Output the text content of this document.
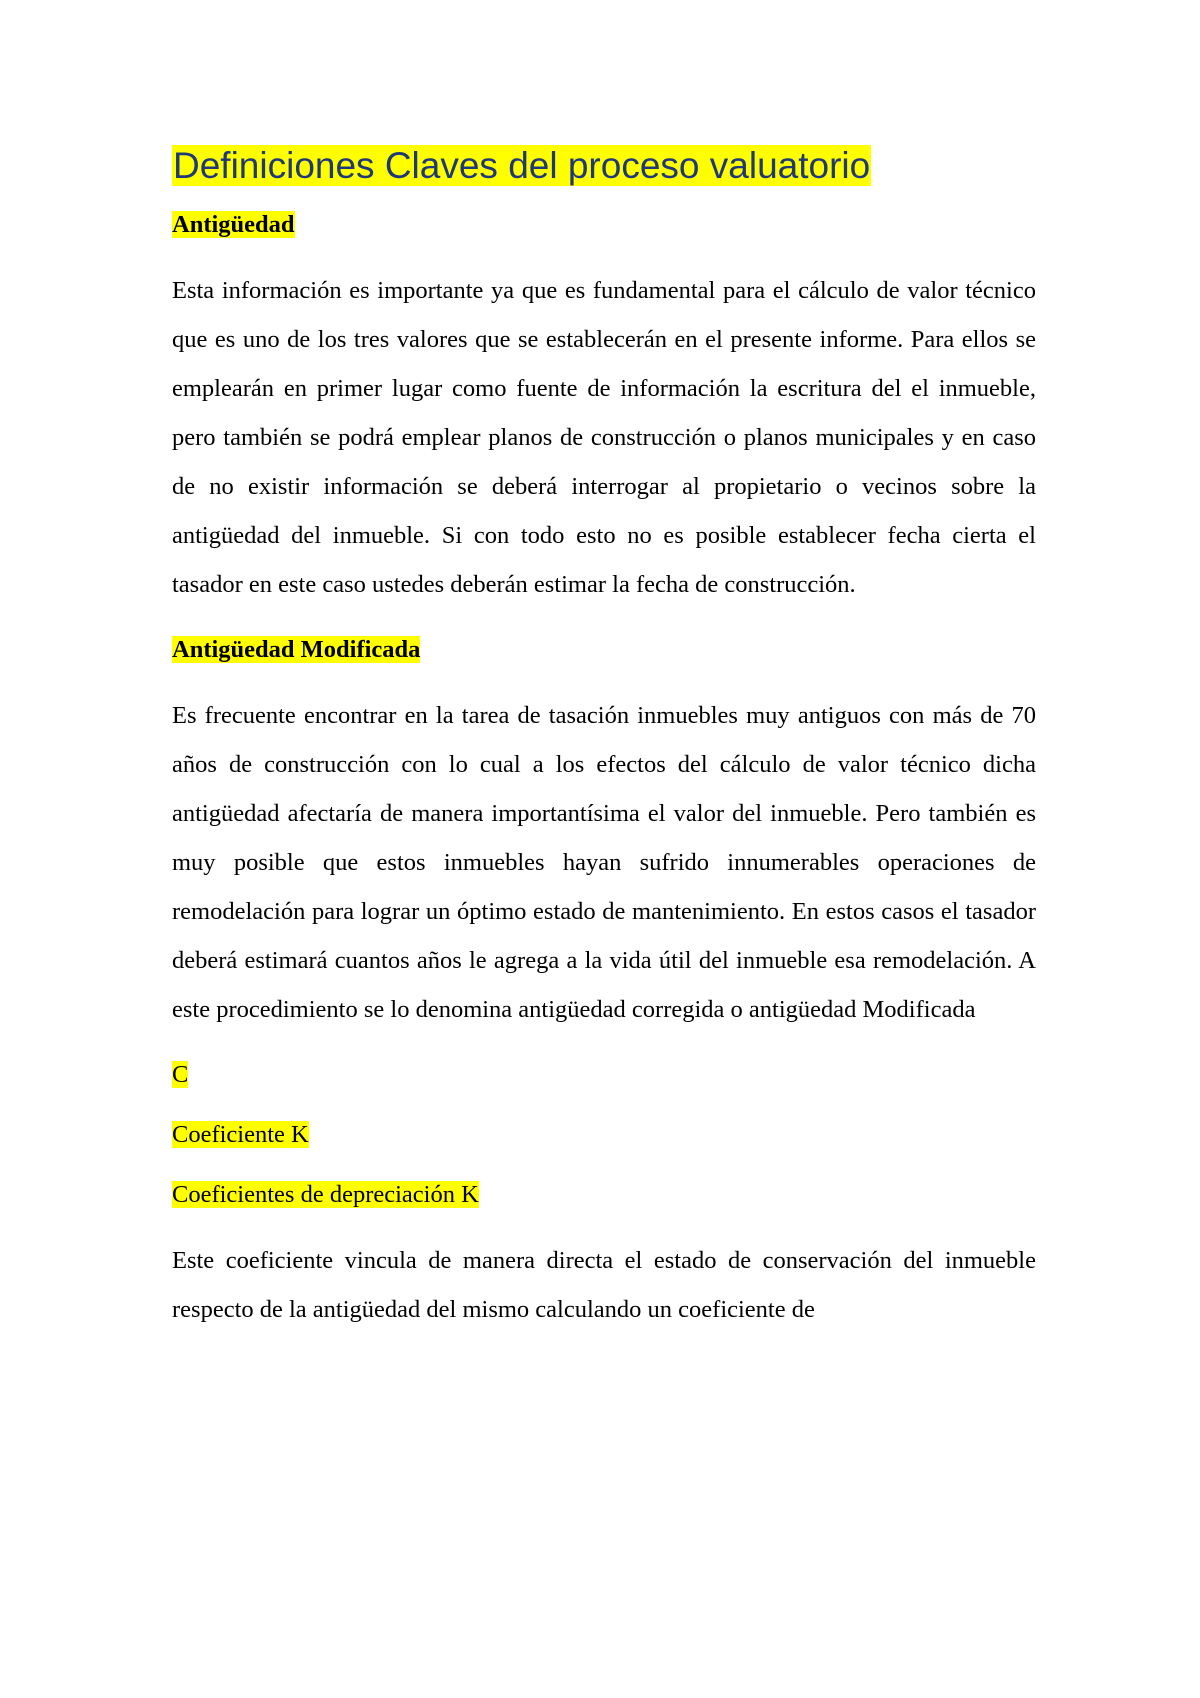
Definiciones Claves del proceso valuatorio
Antigüedad

Esta información es importante ya que es fundamental para el cálculo de valor técnico que es uno de los tres valores que se establecerán en el presente informe. Para ellos se emplearán en primer lugar como fuente de información la escritura del el inmueble, pero también se podrá emplear planos de construcción o planos municipales y en caso de no existir información se deberá interrogar al propietario o vecinos sobre la antigüedad del inmueble. Si con todo esto no es posible establecer fecha cierta el tasador en este caso ustedes deberán estimar la fecha de construcción.

Antigüedad Modificada

Es frecuente encontrar en la tarea de tasación inmuebles muy antiguos con más de 70 años de construcción con lo cual a los efectos del cálculo de valor técnico dicha antigüedad afectaría de manera importantísima el valor del inmueble. Pero también es muy posible que estos inmuebles hayan sufrido innumerables operaciones de remodelación para lograr un óptimo estado de mantenimiento. En estos casos el tasador deberá estimará cuantos años le agrega a la vida útil del inmueble esa remodelación. A este procedimiento se lo denomina antigüedad corregida o antigüedad Modificada

C
Coeficiente K
Coeficientes de depreciación K

Este coeficiente vincula de manera directa el estado de conservación del inmueble respecto de la antigüedad del mismo calculando un coeficiente de
